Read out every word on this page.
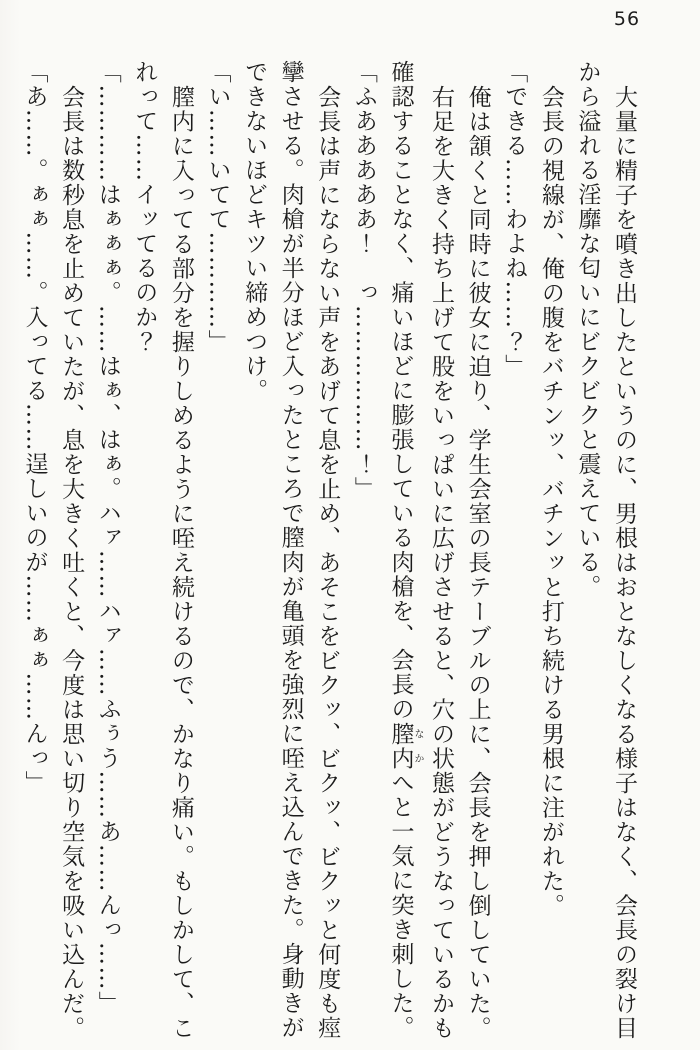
56
大量に精子を噴き出したというのに、男根はおとなしくなる様子はなく、会長の裂け目
から溢れる淫靡な匂いにビクビクと震えている。
会長の視線が、俺の腹をバチンッ、バチンッと打ち続ける男根に注がれた。
「できる……わよね……？」
俺は頷くと同時に彼女に迫り、学生会室の長テーブルの上に、会長を押し倒していた。
右足を大きく持ち上げて股をいっぱいに広げさせると、穴の状態がどうなっているかも
確認することなく、痛いほどに膨張している肉槍を、会長の膣内なかへと一気に突き刺した。
「ふあああああ！　っ………………！」
会長は声にならない声をあげて息を止め、あそこをビクッ、ビクッ、ビクッと何度も痙
攣させる。肉槍が半分ほど入ったところで膣肉が亀頭を強烈に咥え込んできた。身動きが
できないほどキツい締めつけ。
「い……いてて…………」
膣内に入ってる部分を握りしめるように咥え続けるので、かなり痛い。もしかして、こ
れって……イッてるのか？
「…………はぁぁぁ。……はぁ、はぁ。ハァ……ハァ……ふぅう……あ……んっ……」
会長は数秒息を止めていたが、息を大きく吐くと、今度は思い切り空気を吸い込んだ。
「あ……。ぁぁ……。入ってる……逞しいのが……ぁぁ……んっ」
